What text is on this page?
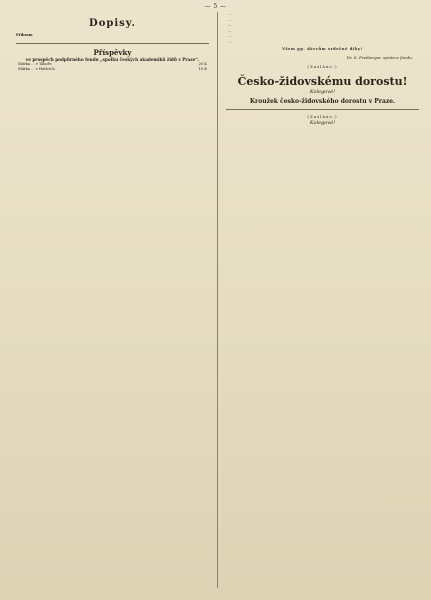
— 5 —
Dopisy.
Příbram
Příspěvky
ve prospěch podpůrného fondu „spolku českých akademiků židů v Praze“.
Sbírka … v Táboře	20 K
Sbírka … v Hořicích	10 K
…
…
…
…
…
…
Všem pp. dárcům srdečné díky!
Dr. S. Freiberger, správce fondu.
(Zasláno.)
Česko-židovskému dorostu!
Kolegové!
Kroužek česko-židovského dorostu v Praze.
(Zasláno.)
Kolegové!
